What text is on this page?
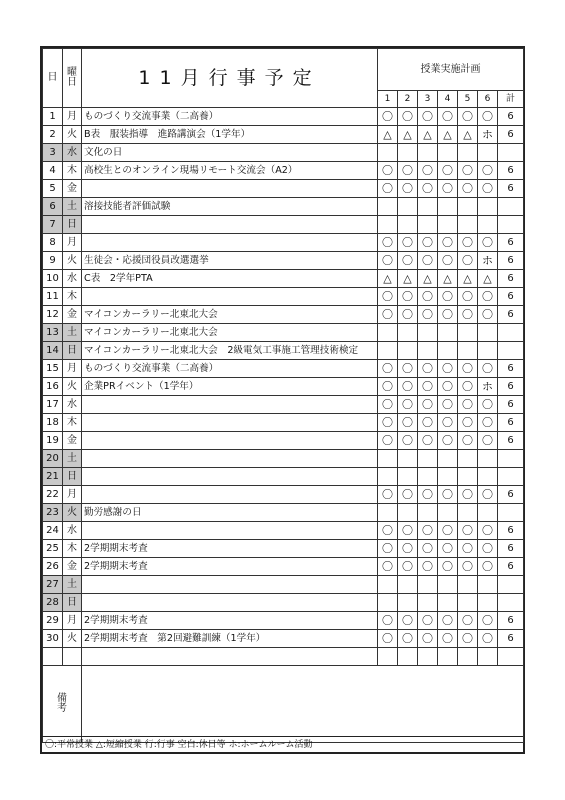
日	曜日	11月行事予定	授業実施計画						
			1	2	3	4	5	6	計
1	月	ものづくり交流事業（二高養）	〇	〇	〇	〇	〇	〇	6
2	火	B表　服装指導　進路講演会（1学年）	△	△	△	△	△	ホ	6
3	水	文化の日							
4	木	高校生とのオンライン現場リモート交流会（A2）	〇	〇	〇	〇	〇	〇	6
5	金		〇	〇	〇	〇	〇	〇	6
6	土	溶接技能者評価試験							
7	日								
8	月		〇	〇	〇	〇	〇	〇	6
9	火	生徒会・応援団役員改選選挙	〇	〇	〇	〇	〇	ホ	6
10	水	C表　2学年PTA	△	△	△	△	△	△	6
11	木		〇	〇	〇	〇	〇	〇	6
12	金	マイコンカーラリー北東北大会	〇	〇	〇	〇	〇	〇	6
13	土	マイコンカーラリー北東北大会							
14	日	マイコンカーラリー北東北大会　2級電気工事施工管理技術検定							
15	月	ものづくり交流事業（二高養）	〇	〇	〇	〇	〇	〇	6
16	火	企業PRイベント（1学年）	〇	〇	〇	〇	〇	ホ	6
17	水		〇	〇	〇	〇	〇	〇	6
18	木		〇	〇	〇	〇	〇	〇	6
19	金		〇	〇	〇	〇	〇	〇	6
20	土								
21	日								
22	月		〇	〇	〇	〇	〇	〇	6
23	火	勤労感謝の日							
24	水		〇	〇	〇	〇	〇	〇	6
25	木	2学期期末考査	〇	〇	〇	〇	〇	〇	6
26	金	2学期期末考査	〇	〇	〇	〇	〇	〇	6
27	土								
28	日								
29	月	2学期期末考査	〇	〇	〇	〇	〇	〇	6
30	火	2学期期末考査　第2回避難訓練（1学年）	〇	〇	〇	〇	〇	〇	6

備考									
〇:平常授業 △:短縮授業 行:行事 空白:休日等 ホ:ホームルーム活動
